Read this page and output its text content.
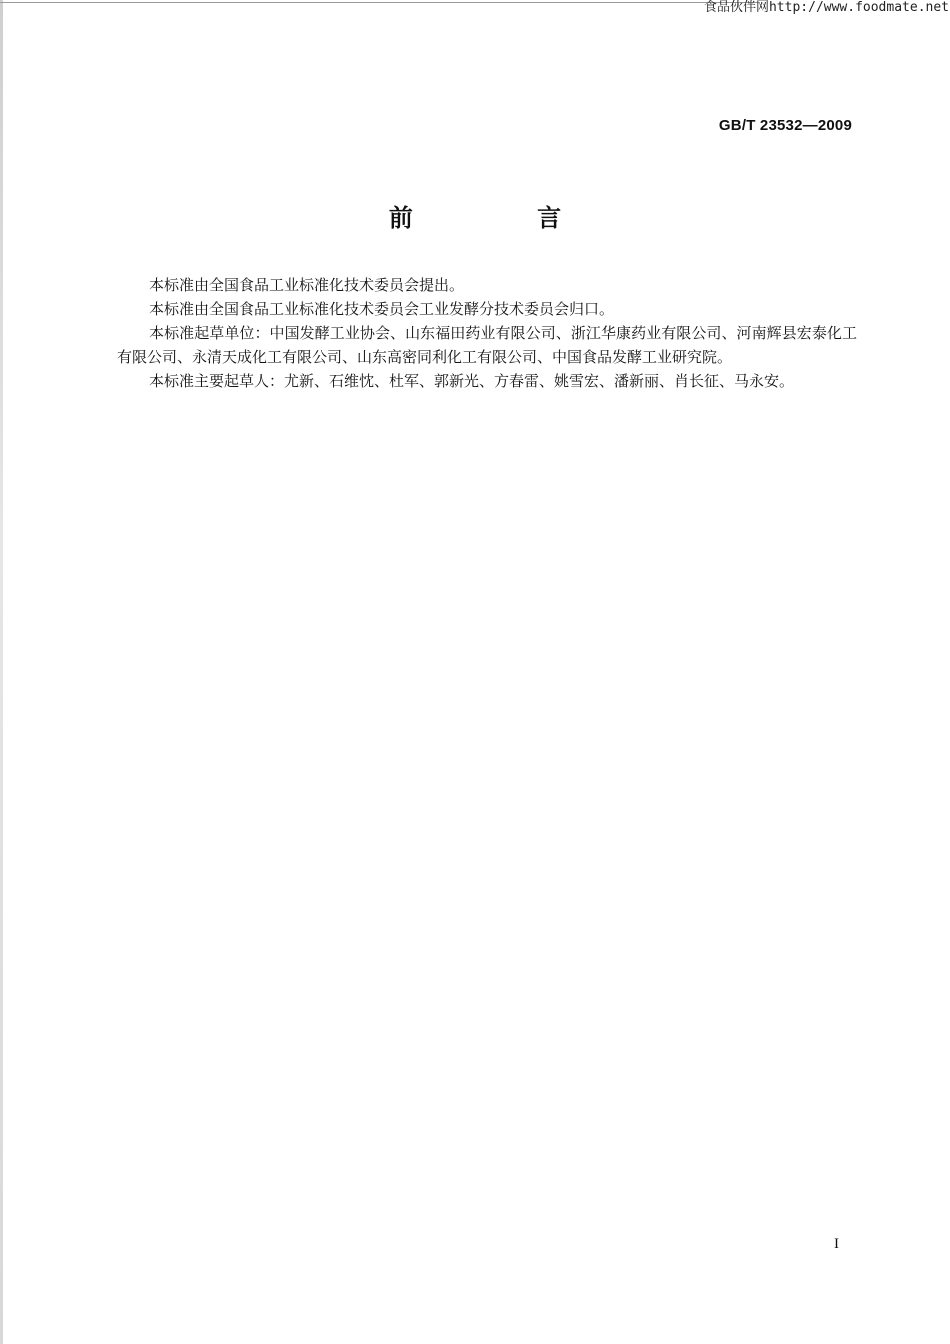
食品伙伴网http://www.foodmate.net
GB/T 23532—2009
前 言

本标准由全国食品工业标准化技术委员会提出。

本标准由全国食品工业标准化技术委员会工业发酵分技术委员会归口。

本标准起草单位：中国发酵工业协会、山东福田药业有限公司、浙江华康药业有限公司、河南辉县宏泰化工有限公司、永清天成化工有限公司、山东高密同利化工有限公司、中国食品发酵工业研究院。

本标准主要起草人：尤新、石维忱、杜军、郭新光、方春雷、姚雪宏、潘新丽、肖长征、马永安。

I
